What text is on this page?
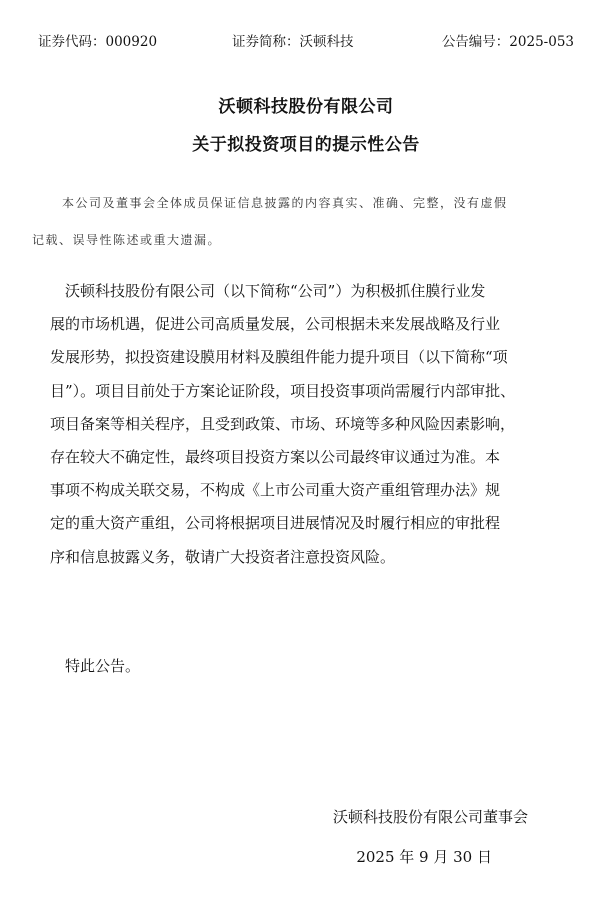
证券代码：000920	证券简称：沃顿科技	公告编号：2025-053
沃顿科技股份有限公司
关于拟投资项目的提示性公告
本公司及董事会全体成员保证信息披露的内容真实、准确、完整，没有虚假
记载、误导性陈述或重大遗漏。
沃顿科技股份有限公司（以下简称“公司”）为积极抓住膜行业发
展的市场机遇，促进公司高质量发展，公司根据未来发展战略及行业
发展形势，拟投资建设膜用材料及膜组件能力提升项目（以下简称“项
目”）。项目目前处于方案论证阶段，项目投资事项尚需履行内部审批、
项目备案等相关程序，且受到政策、市场、环境等多种风险因素影响，
存在较大不确定性，最终项目投资方案以公司最终审议通过为准。本
事项不构成关联交易，不构成《上市公司重大资产重组管理办法》规
定的重大资产重组，公司将根据项目进展情况及时履行相应的审批程
序和信息披露义务，敬请广大投资者注意投资风险。
特此公告。
沃顿科技股份有限公司董事会
2025 年 9 月 30 日
